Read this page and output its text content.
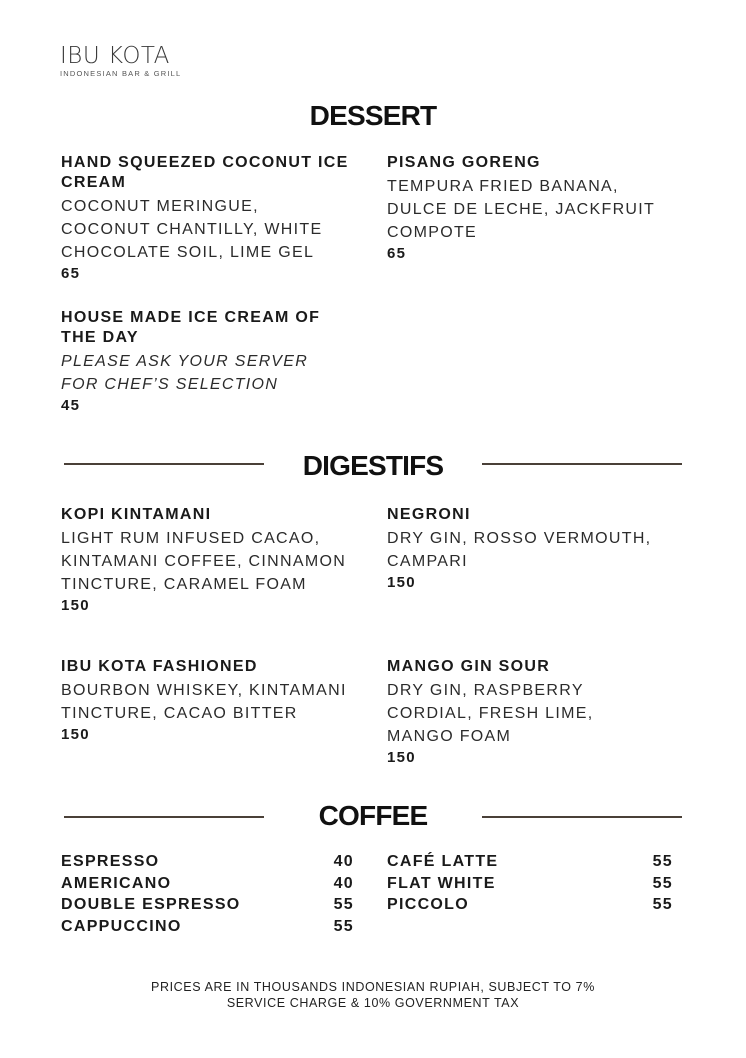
IBU KOTA
INDONESIAN BAR & GRILL
DESSERT
HAND SQUEEZED COCONUT ICE CREAM
COCONUT MERINGUE, COCONUT CHANTILLY, WHITE CHOCOLATE SOIL, LIME GEL
65
PISANG GORENG
TEMPURA FRIED BANANA, DULCE DE LECHE, JACKFRUIT COMPOTE
65
HOUSE MADE ICE CREAM OF THE DAY
PLEASE ASK YOUR SERVER FOR CHEF’S SELECTION
45
DIGESTIFS
KOPI KINTAMANI
LIGHT RUM INFUSED CACAO, KINTAMANI COFFEE, CINNAMON TINCTURE, CARAMEL FOAM
150
NEGRONI
DRY GIN, ROSSO VERMOUTH, CAMPARI
150
IBU KOTA FASHIONED
BOURBON WHISKEY, KINTAMANI TINCTURE, CACAO BITTER
150
MANGO GIN SOUR
DRY GIN, RASPBERRY CORDIAL, FRESH LIME, MANGO FOAM
150
COFFEE
ESPRESSO	40
AMERICANO	40
DOUBLE ESPRESSO	55
CAPPUCCINO	55
CAFÉ LATTE	55
FLAT WHITE	55
PICCOLO	55
PRICES ARE IN THOUSANDS INDONESIAN RUPIAH, SUBJECT TO 7%
SERVICE CHARGE & 10% GOVERNMENT TAX
